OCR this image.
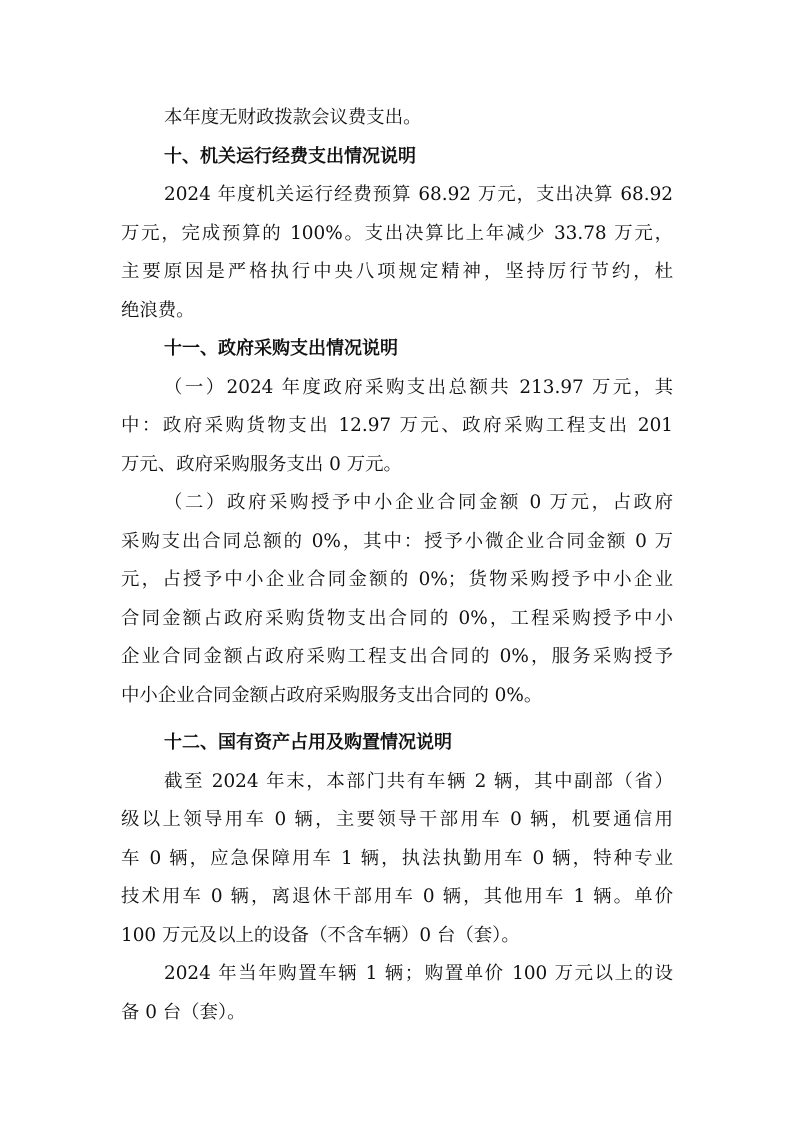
本年度无财政拨款会议费支出。
十、机关运行经费支出情况说明
2024 年度机关运行经费预算 68.92 万元，支出决算 68.92
万元，完成预算的 100%。支出决算比上年减少 33.78 万元，
主要原因是严格执行中央八项规定精神，坚持厉行节约，杜
绝浪费。
十一、政府采购支出情况说明
（一）2024 年度政府采购支出总额共 213.97 万元，其
中：政府采购货物支出 12.97 万元、政府采购工程支出 201
万元、政府采购服务支出 0 万元。
（二）政府采购授予中小企业合同金额 0 万元，占政府
采购支出合同总额的 0%，其中：授予小微企业合同金额 0 万
元，占授予中小企业合同金额的 0%；货物采购授予中小企业
合同金额占政府采购货物支出合同的 0%，工程采购授予中小
企业合同金额占政府采购工程支出合同的 0%，服务采购授予
中小企业合同金额占政府采购服务支出合同的 0%。
十二、国有资产占用及购置情况说明
截至 2024 年末，本部门共有车辆 2 辆，其中副部（省）
级以上领导用车 0 辆，主要领导干部用车 0 辆，机要通信用
车 0 辆，应急保障用车 1 辆，执法执勤用车 0 辆，特种专业
技术用车 0 辆，离退休干部用车 0 辆，其他用车 1 辆。单价
100 万元及以上的设备（不含车辆）0 台（套）。
2024 年当年购置车辆 1 辆；购置单价 100 万元以上的设
备 0 台（套）。
